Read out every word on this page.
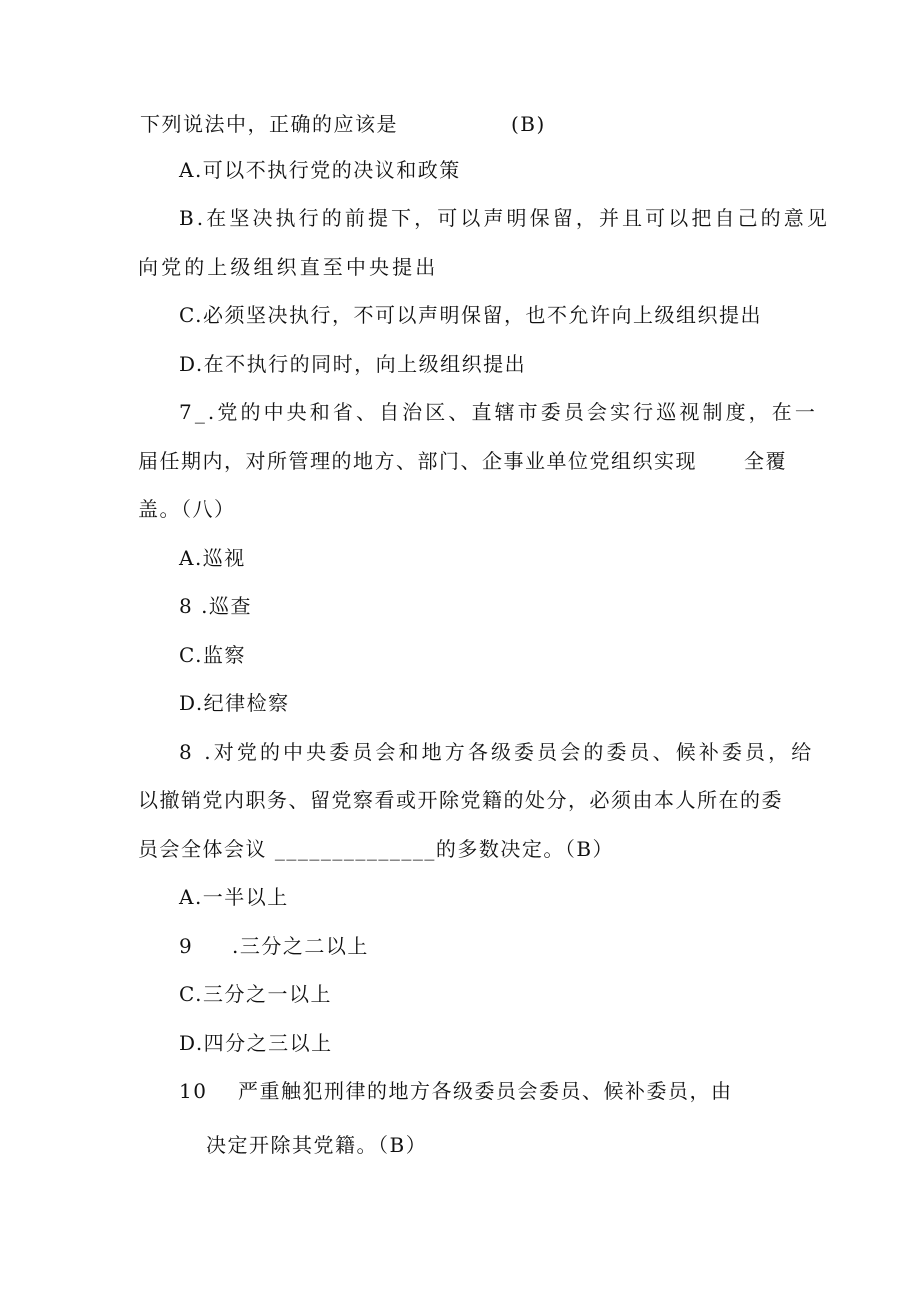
下列说法中，正确的应该是	(B)
A.可以不执行党的决议和政策
B.在坚决执行的前提下，可以声明保留，并且可以把自己的意见
向党的上级组织直至中央提出
C.必须坚决执行，不可以声明保留，也不允许向上级组织提出
D.在不执行的同时，向上级组织提出
7_.党的中央和省、自治区、直辖市委员会实行巡视制度，在一
届任期内，对所管理的地方、部门、企事业单位党组织实现 全覆
盖。（八）
A.巡视
8 .巡查
C.监察
D.纪律检察
8 .对党的中央委员会和地方各级委员会的委员、候补委员，给
以撤销党内职务、留党察看或开除党籍的处分，必须由本人所在的委
员会全体会议 ______________的多数决定。（B）
A.一半以上
9 .三分之二以上
C.三分之一以上
D.四分之三以上
10 严重触犯刑律的地方各级委员会委员、候补委员，由
决定开除其党籍。（B）
